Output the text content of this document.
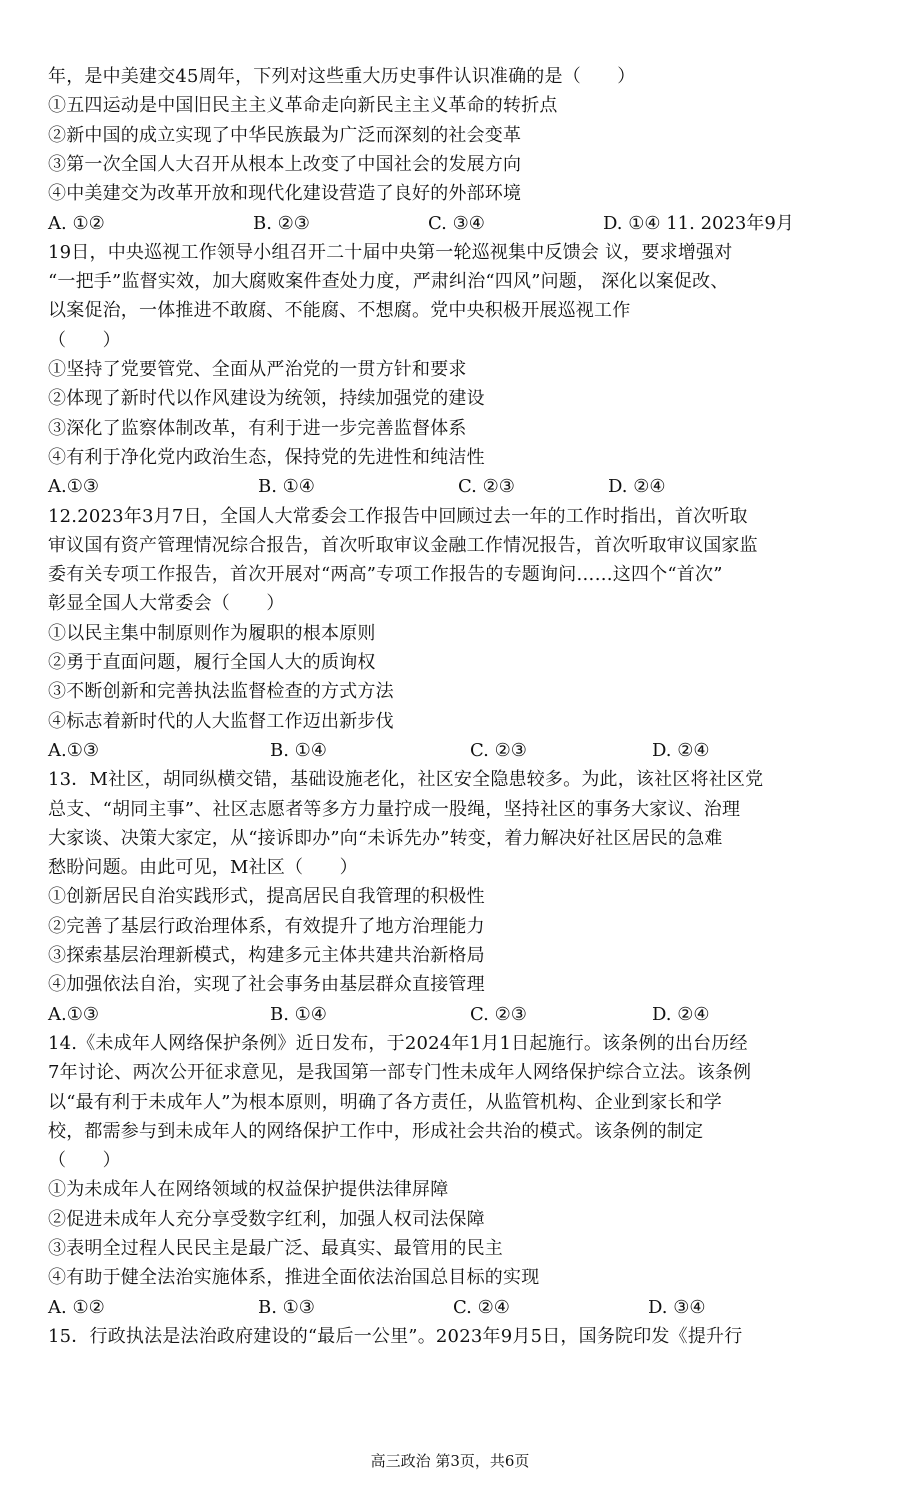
年，是中美建交45周年，下列对这些重大历史事件认识准确的是（　　）
①五四运动是中国旧民主主义革命走向新民主主义革命的转折点
②新中国的成立实现了中华民族最为广泛而深刻的社会变革
③第一次全国人大召开从根本上改变了中国社会的发展方向
④中美建交为改革开放和现代化建设营造了良好的外部环境
A. ①②	B. ②③	C. ③④	D. ①④ 11. 2023年9月
19日，中央巡视工作领导小组召开二十届中央第一轮巡视集中反馈会 议，要求增强对
“一把手”监督实效，加大腐败案件查处力度，严肃纠治“四风”问题， 深化以案促改、
以案促治，一体推进不敢腐、不能腐、不想腐。党中央积极开展巡视工作
（　　）
①坚持了党要管党、全面从严治党的一贯方针和要求
②体现了新时代以作风建设为统领，持续加强党的建设
③深化了监察体制改革，有利于进一步完善监督体系
④有利于净化党内政治生态，保持党的先进性和纯洁性
A.①③	B. ①④	C. ②③	D. ②④
12.2023年3月7日，全国人大常委会工作报告中回顾过去一年的工作时指出，首次听取
审议国有资产管理情况综合报告，首次听取审议金融工作情况报告，首次听取审议国家监
委有关专项工作报告，首次开展对“两高”专项工作报告的专题询问……这四个“首次”
彰显全国人大常委会（　　）
①以民主集中制原则作为履职的根本原则
②勇于直面问题，履行全国人大的质询权
③不断创新和完善执法监督检查的方式方法
④标志着新时代的人大监督工作迈出新步伐
A.①③	B. ①④	C. ②③	D. ②④
13．M社区，胡同纵横交错，基础设施老化，社区安全隐患较多。为此，该社区将社区党
总支、“胡同主事”、社区志愿者等多方力量拧成一股绳，坚持社区的事务大家议、治理
大家谈、决策大家定，从“接诉即办”向“未诉先办”转变，着力解决好社区居民的急难
愁盼问题。由此可见，M社区（　　）
①创新居民自治实践形式，提高居民自我管理的积极性
②完善了基层行政治理体系，有效提升了地方治理能力
③探索基层治理新模式，构建多元主体共建共治新格局
④加强依法自治，实现了社会事务由基层群众直接管理
A.①③	B. ①④	C. ②③	D. ②④
14.《未成年人网络保护条例》近日发布，于2024年1月1日起施行。该条例的出台历经
7年讨论、两次公开征求意见，是我国第一部专门性未成年人网络保护综合立法。该条例
以“最有利于未成年人”为根本原则，明确了各方责任，从监管机构、企业到家长和学
校，都需参与到未成年人的网络保护工作中，形成社会共治的模式。该条例的制定
（　　）
①为未成年人在网络领域的权益保护提供法律屏障
②促进未成年人充分享受数字红利，加强人权司法保障
③表明全过程人民民主是最广泛、最真实、最管用的民主
④有助于健全法治实施体系，推进全面依法治国总目标的实现
A. ①②	B. ①③	C. ②④	D. ③④
15．行政执法是法治政府建设的“最后一公里”。2023年9月5日，国务院印发《提升行
高三政治 第3页，共6页
